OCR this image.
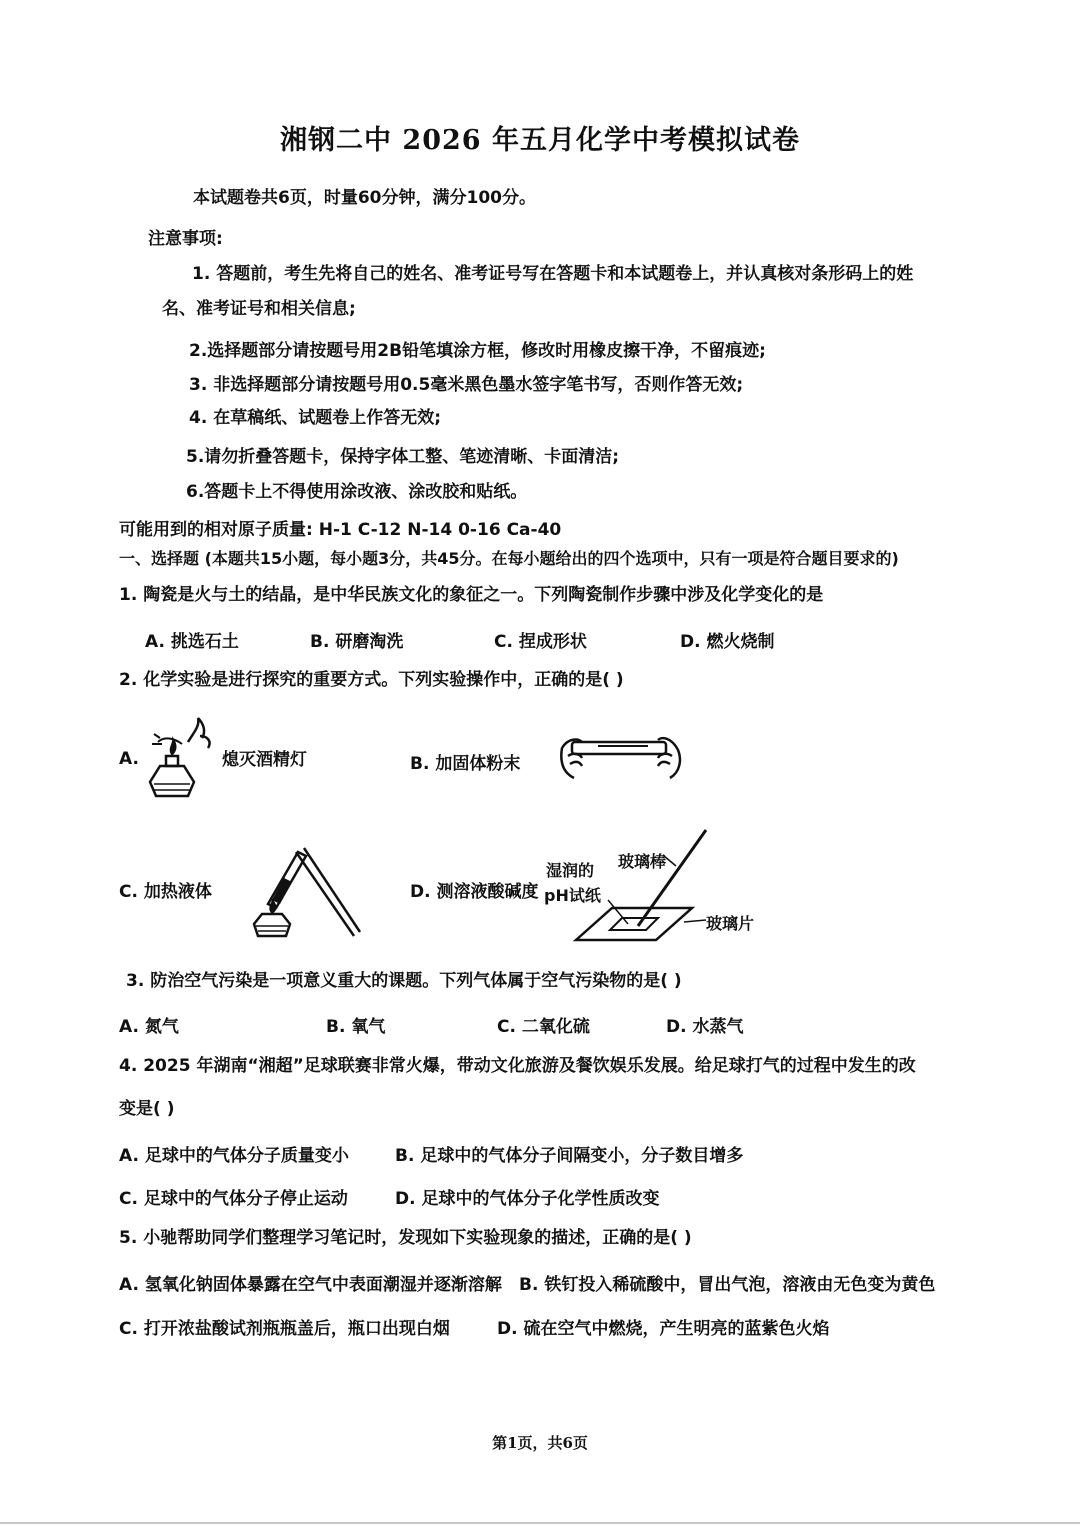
湘钢二中 2026 年五月化学中考模拟试卷
本试题卷共6页，时量60分钟，满分100分。
注意事项:
1. 答题前，考生先将自己的姓名、准考证号写在答题卡和本试题卷上，并认真核对条形码上的姓
名、准考证号和相关信息;
2.选择题部分请按题号用2B铅笔填涂方框，修改时用橡皮擦干净，不留痕迹;
3. 非选择题部分请按题号用0.5毫米黑色墨水签字笔书写，否则作答无效;
4. 在草稿纸、试题卷上作答无效;
5.请勿折叠答题卡，保持字体工整、笔迹清晰、卡面清洁;
6.答题卡上不得使用涂改液、涂改胶和贴纸。
可能用到的相对原子质量: H-1 C-12 N-14 0-16 Ca-40
一、选择题 (本题共15小题，每小题3分，共45分。在每小题给出的四个选项中，只有一项是符合题目要求的)
1. 陶瓷是火与土的结晶，是中华民族文化的象征之一。下列陶瓷制作步骤中涉及化学变化的是
A. 挑选石土	B. 研磨淘洗	C. 捏成形状	D. 燃火烧制
2. 化学实验是进行探究的重要方式。下列实验操作中，正确的是( )
A.	熄灭酒精灯	B. 加固体粉末
C. 加热液体	D. 测溶液酸碱度
湿润的
pH试纸
玻璃棒
玻璃片
3. 防治空气污染是一项意义重大的课题。下列气体属于空气污染物的是( )
A. 氮气	B. 氧气	C. 二氧化硫	D. 水蒸气
4. 2025 年湖南“湘超”足球联赛非常火爆，带动文化旅游及餐饮娱乐发展。给足球打气的过程中发生的改
变是( )
A. 足球中的气体分子质量变小	B. 足球中的气体分子间隔变小，分子数目增多
C. 足球中的气体分子停止运动	D. 足球中的气体分子化学性质改变
5. 小驰帮助同学们整理学习笔记时，发现如下实验现象的描述，正确的是( )
A. 氢氧化钠固体暴露在空气中表面潮湿并逐渐溶解 B. 铁钉投入稀硫酸中，冒出气泡，溶液由无色变为黄色
C. 打开浓盐酸试剂瓶瓶盖后，瓶口出现白烟	D. 硫在空气中燃烧，产生明亮的蓝紫色火焰
第1页，共6页
